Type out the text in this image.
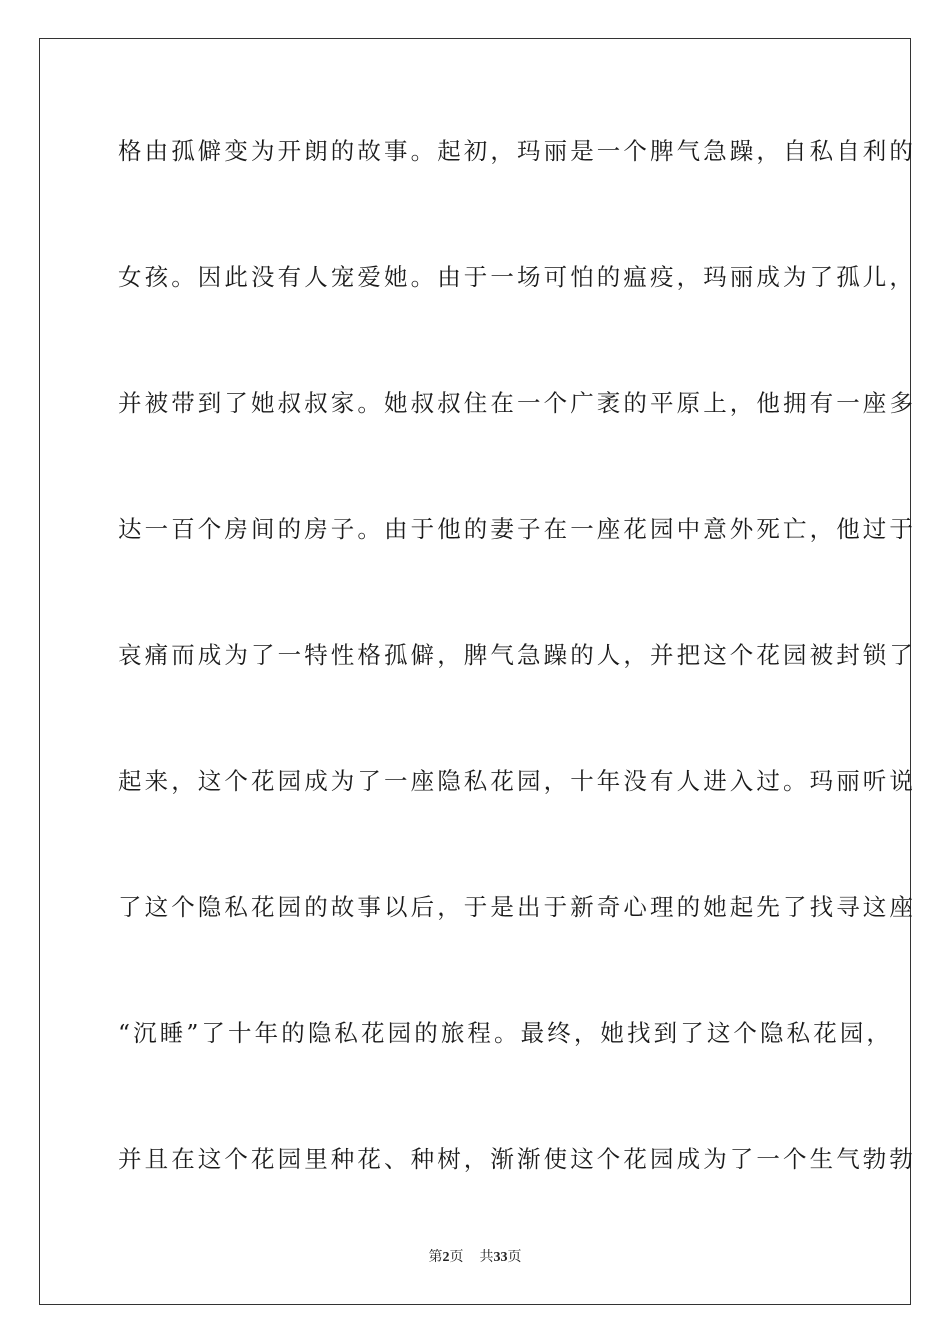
格由孤僻变为开朗的故事。起初，玛丽是一个脾气急躁，自私自利的
女孩。因此没有人宠爱她。由于一场可怕的瘟疫，玛丽成为了孤儿，
并被带到了她叔叔家。她叔叔住在一个广袤的平原上，他拥有一座多
达一百个房间的房子。由于他的妻子在一座花园中意外死亡，他过于
哀痛而成为了一特性格孤僻，脾气急躁的人，并把这个花园被封锁了
起来，这个花园成为了一座隐私花园，十年没有人进入过。玛丽听说
了这个隐私花园的故事以后，于是出于新奇心理的她起先了找寻这座
“沉睡”了十年的隐私花园的旅程。最终，她找到了这个隐私花园，
并且在这个花园里种花、种树，渐渐使这个花园成为了一个生气勃勃
第2页 共33页
